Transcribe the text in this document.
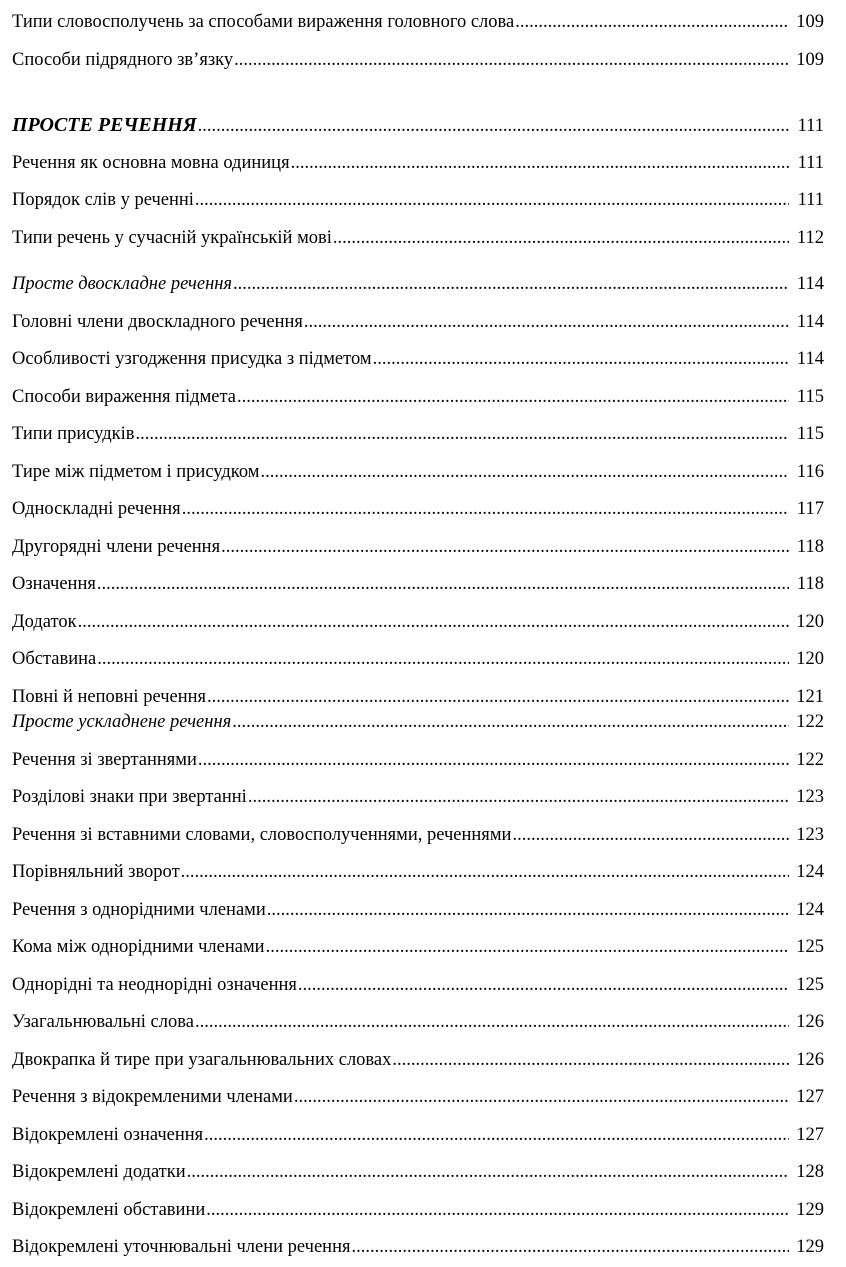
Типи словосполучень за способами вираження головного слова .....	109
Способи підрядного зв’язку .....	109
ПРОСТЕ РЕЧЕННЯ .....	111
Речення як основна мовна одиниця .....	111
Порядок слів у реченні .....	111
Типи речень у сучасній українській мові .....	112
Просте двоскладне речення .....	114
Головні члени двоскладного речення .....	114
Особливості узгодження присудка з підметом .....	114
Способи вираження підмета .....	115
Типи присудків .....	115
Тире між підметом і присудком .....	116
Односкладні речення .....	117
Другорядні члени речення .....	118
Означення .....	118
Додаток .....	120
Обставина .....	120
Повні й неповні речення .....	121
Просте ускладнене речення .....	122
Речення зі звертаннями .....	122
Розділові знаки при звертанні .....	123
Речення зі вставними словами, словосполученнями, реченнями .....	123
Порівняльний зворот .....	124
Речення з однорідними членами .....	124
Кома між однорідними членами .....	125
Однорідні та неоднорідні означення .....	125
Узагальнювальні слова .....	126
Двокрапка й тире при узагальнювальних словах .....	126
Речення з відокремленими членами .....	127
Відокремлені означення .....	127
Відокремлені додатки .....	128
Відокремлені обставини .....	129
Відокремлені уточнювальні члени речення .....	129
